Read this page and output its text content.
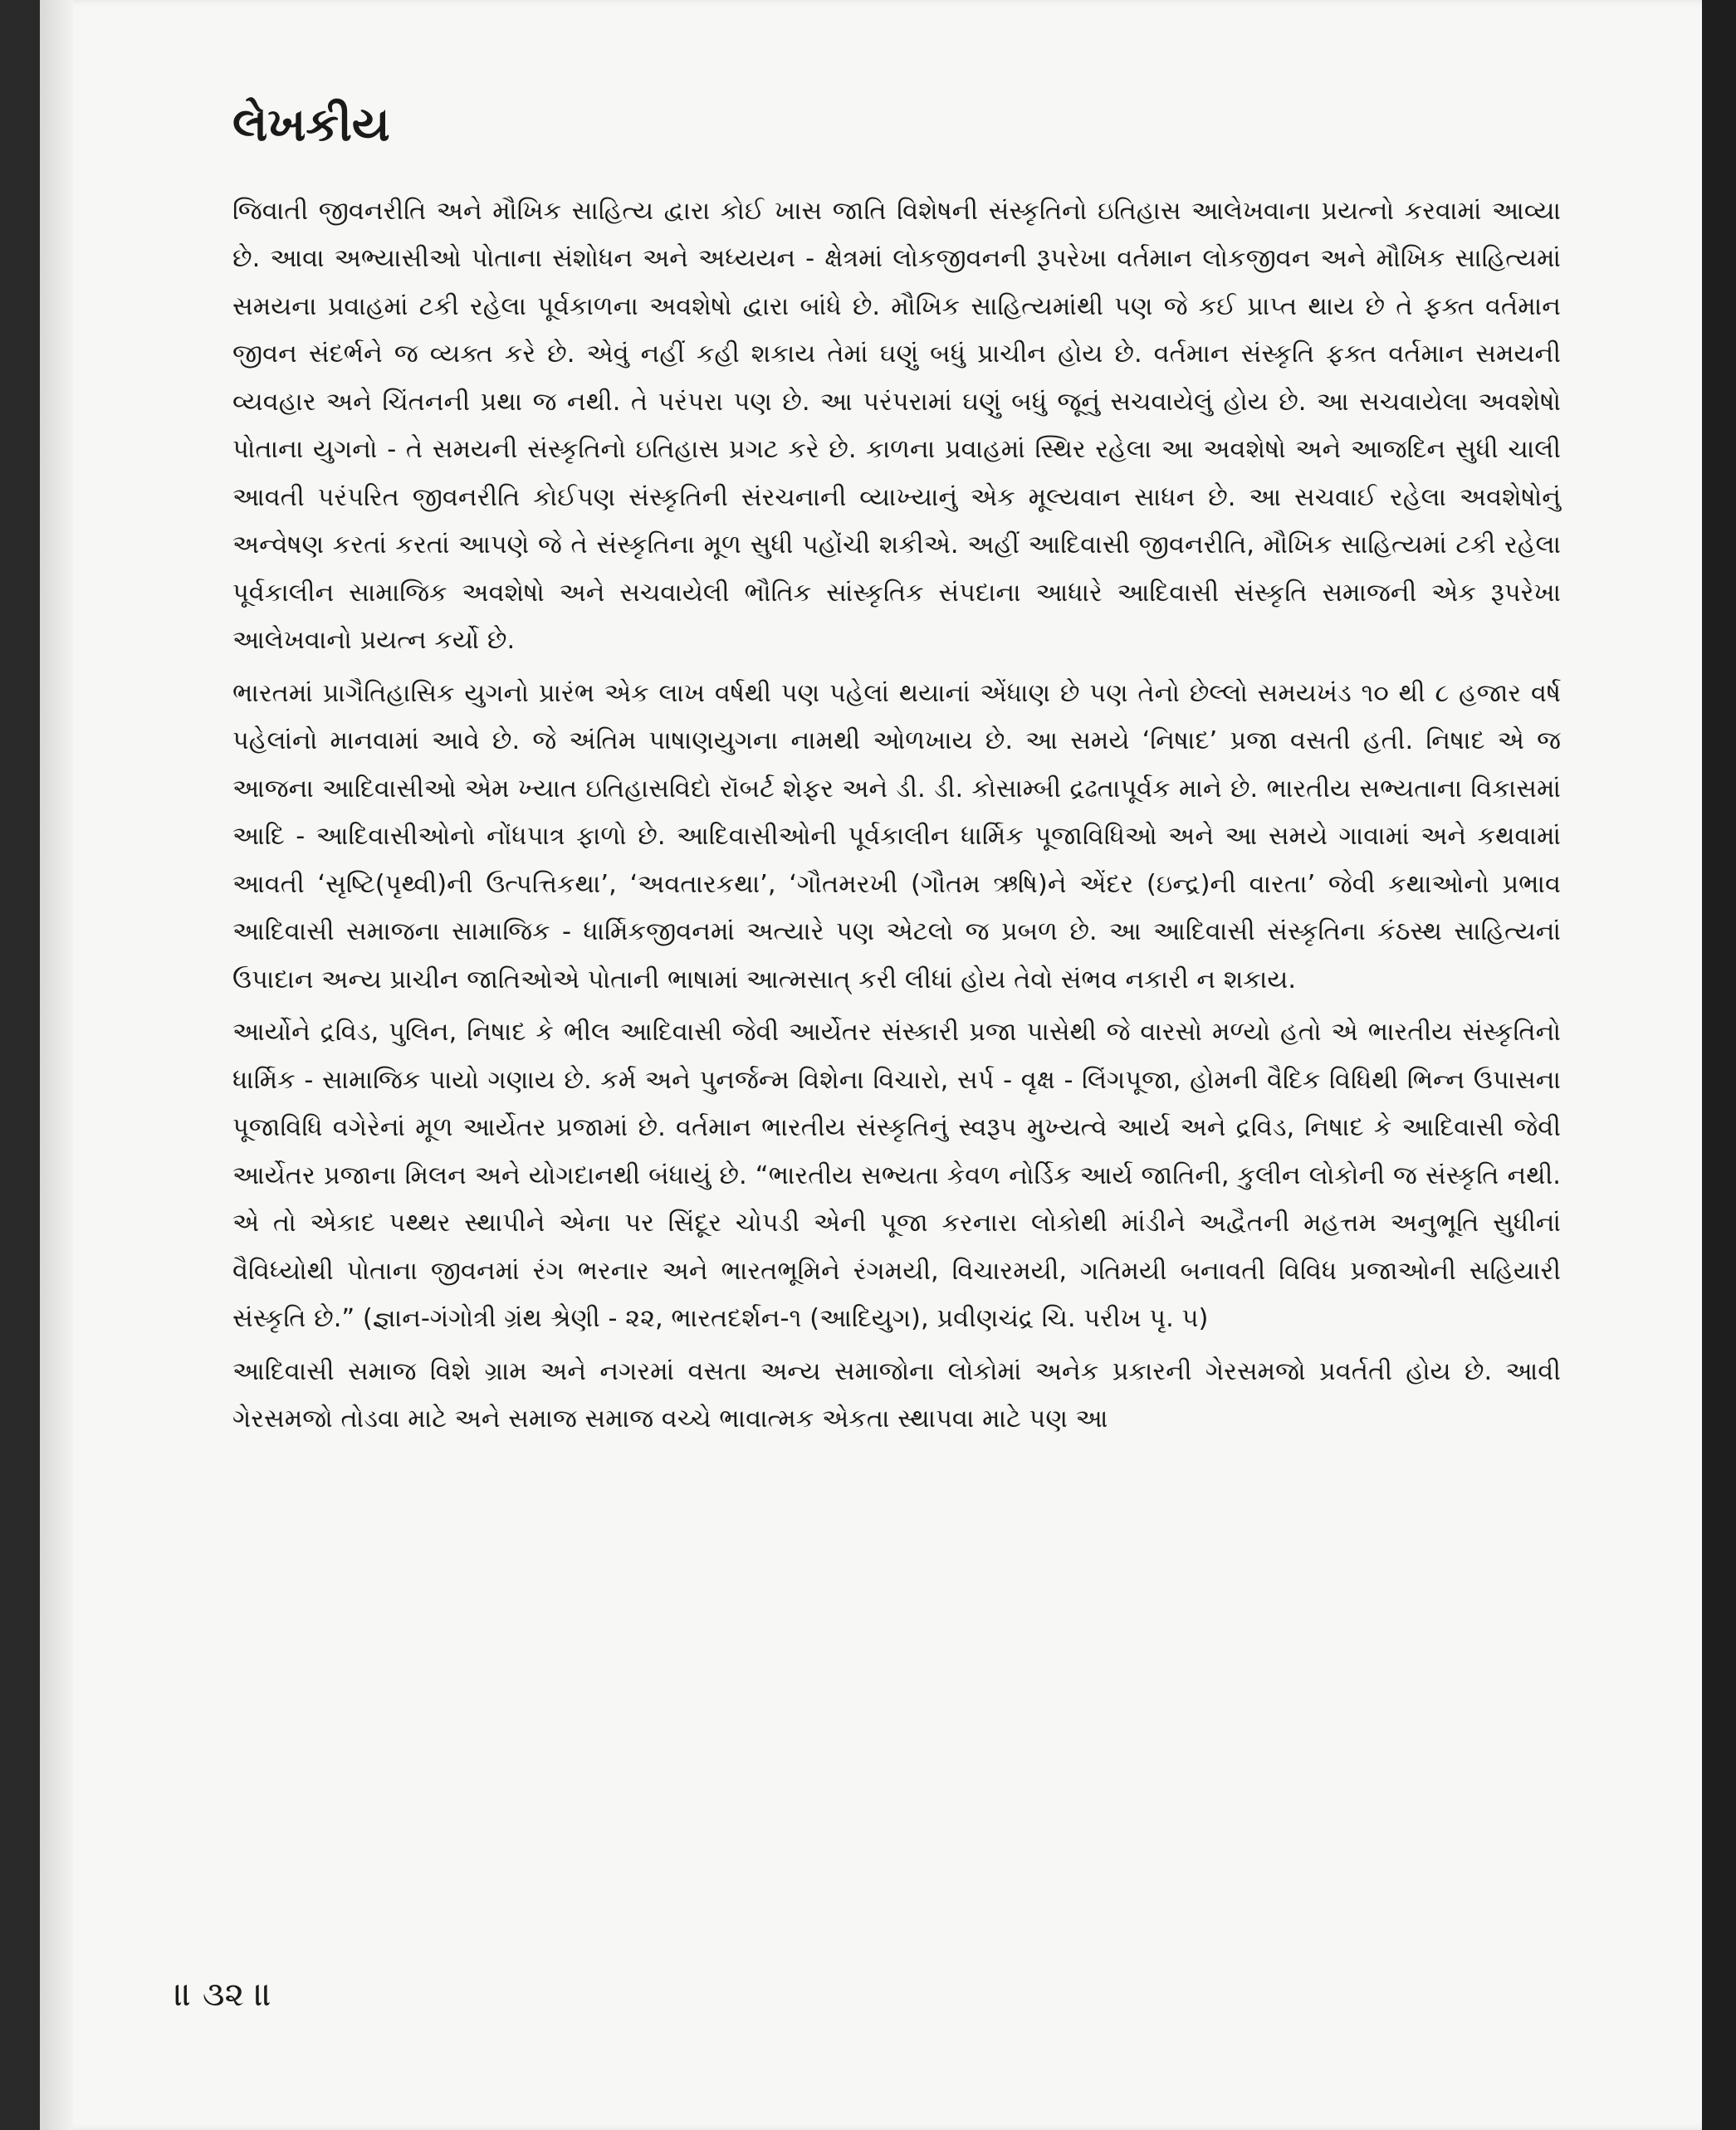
લેખકીય

જિવાતી જીવનરીતિ અને મૌખિક સાહિત્ય દ્વારા કોઈ ખાસ જાતિ વિશેષની સંસ્કૃતિનો ઇતિહાસ આલેખવાના પ્રયત્નો કરવામાં આવ્યા છે. આવા અભ્યાસીઓ પોતાના સંશોધન અને અધ્યયન - ક્ષેત્રમાં લોકજીવનની રૂપરેખા વર્તમાન લોકજીવન અને મૌખિક સાહિત્યમાં સમયના પ્રવાહમાં ટકી રહેલા પૂર્વકાળના અવશેષો દ્વારા બાંધે છે. મૌખિક સાહિત્યમાંથી પણ જે કઈ પ્રાપ્ત થાય છે તે ફક્ત વર્તમાન જીવન સંદર્ભને જ વ્યક્ત કરે છે. એવું નહીં કહી શકાય તેમાં ઘણું બધું પ્રાચીન હોય છે. વર્તમાન સંસ્કૃતિ ફક્ત વર્તમાન સમયની વ્યવહાર અને ચિંતનની પ્રથા જ નથી. તે પરંપરા પણ છે. આ પરંપરામાં ઘણું બધું જૂનું સચવાયેલું હોય છે. આ સચવાયેલા અવશેષો પોતાના યુગનો - તે સમયની સંસ્કૃતિનો ઇતિહાસ પ્રગટ કરે છે. કાળના પ્રવાહમાં સ્થિર રહેલા આ અવશેષો અને આજદિન સુધી ચાલી આવતી પરંપરિત જીવનરીતિ કોઈપણ સંસ્કૃતિની સંરચનાની વ્યાખ્યાનું એક મૂલ્યવાન સાધન છે. આ સચવાઈ રહેલા અવશેષોનું અન્વેષણ કરતાં કરતાં આપણે જે તે સંસ્કૃતિના મૂળ સુધી પહોંચી શકીએ. અહીં આદિવાસી જીવનરીતિ, મૌખિક સાહિત્યમાં ટકી રહેલા પૂર્વકાલીન સામાજિક અવશેષો અને સચવાયેલી ભૌતિક સાંસ્કૃતિક સંપદાના આધારે આદિવાસી સંસ્કૃતિ સમાજની એક રૂપરેખા આલેખવાનો પ્રયત્ન કર્યો છે.

ભારતમાં પ્રાગૈતિહાસિક યુગનો પ્રારંભ એક લાખ વર્ષથી પણ પહેલાં થયાનાં એંધાણ છે પણ તેનો છેલ્લો સમયખંડ ૧૦ થી ૮ હજાર વર્ષ પહેલાંનો માનવામાં આવે છે. જે અંતિમ પાષાણયુગના નામથી ઓળખાય છે. આ સમયે ‘નિષાદ’ પ્રજા વસતી હતી. નિષાદ એ જ આજના આદિવાસીઓ એમ ખ્યાત ઇતિહાસવિદો રૉબર્ટ શેફર અને ડી. ડી. કોસામ્બી દ્રઢતાપૂર્વક માને છે. ભારતીય સભ્યતાના વિકાસમાં આદિ - આદિવાસીઓનો નોંધપાત્ર ફાળો છે. આદિવાસીઓની પૂર્વકાલીન ધાર્મિક પૂજાવિધિઓ અને આ સમયે ગાવામાં અને કથવામાં આવતી ‘સૃષ્ટિ(પૃથ્વી)ની ઉત્પત્તિકથા’, ‘અવતારકથા’, ‘ગૌતમરખી (ગૌતમ ઋષિ)ને એંદર (ઇન્દ્ર)ની વારતા’ જેવી કથાઓનો પ્રભાવ આદિવાસી સમાજના સામાજિક - ધાર્મિકજીવનમાં અત્યારે પણ એટલો જ પ્રબળ છે. આ આદિવાસી સંસ્કૃતિના કંઠસ્થ સાહિત્યનાં ઉપાદાન અન્ય પ્રાચીન જાતિઓએ પોતાની ભાષામાં આત્મસાત્ કરી લીધાં હોય તેવો સંભવ નકારી ન શકાય.

આર્યોને દ્રવિડ, પુલિન, નિષાદ કે ભીલ આદિવાસી જેવી આર્યેતર સંસ્કારી પ્રજા પાસેથી જે વારસો મળ્યો હતો એ ભારતીય સંસ્કૃતિનો ધાર્મિક - સામાજિક પાયો ગણાય છે. કર્મ અને પુનર્જન્મ વિશેના વિચારો, સર્પ - વૃક્ષ - લિંગપૂજા, હોમની વૈદિક વિધિથી ભિન્ન ઉપાસના પૂજાવિધિ વગેરેનાં મૂળ આર્યેતર પ્રજામાં છે. વર્તમાન ભારતીય સંસ્કૃતિનું સ્વરૂપ મુખ્યત્વે આર્ય અને દ્રવિડ, નિષાદ કે આદિવાસી જેવી આર્યેતર પ્રજાના મિલન અને યોગદાનથી બંધાયું છે. “ભારતીય સભ્યતા કેવળ નોર્ડિક આર્ય જાતિની, કુલીન લોકોની જ સંસ્કૃતિ નથી. એ તો એકાદ પથ્થર સ્થાપીને એના પર સિંદૂર ચોપડી એની પૂજા કરનારા લોકોથી માંડીને અદ્વૈતની મહત્તમ અનુભૂતિ સુધીનાં વૈવિધ્યોથી પોતાના જીવનમાં રંગ ભરનાર અને ભારતભૂમિને રંગમયી, વિચારમયી, ગતિમયી બનાવતી વિવિધ પ્રજાઓની સહિયારી સંસ્કૃતિ છે.” (જ્ઞાન-ગંગોત્રી ગ્રંથ શ્રેણી - ૨૨, ભારતદર્શન-૧ (આદિયુગ), પ્રવીણચંદ્ર ચિ. પરીખ પૃ. ૫)

આદિવાસી સમાજ વિશે ગ્રામ અને નગરમાં વસતા અન્ય સમાજોના લોકોમાં અનેક પ્રકારની ગેરસમજો પ્રવર્તતી હોય છે. આવી ગેરસમજો તોડવા માટે અને સમાજ સમાજ વચ્ચે ભાવાત્મક એકતા સ્થાપવા માટે પણ આ

॥ ૩૨ ॥
